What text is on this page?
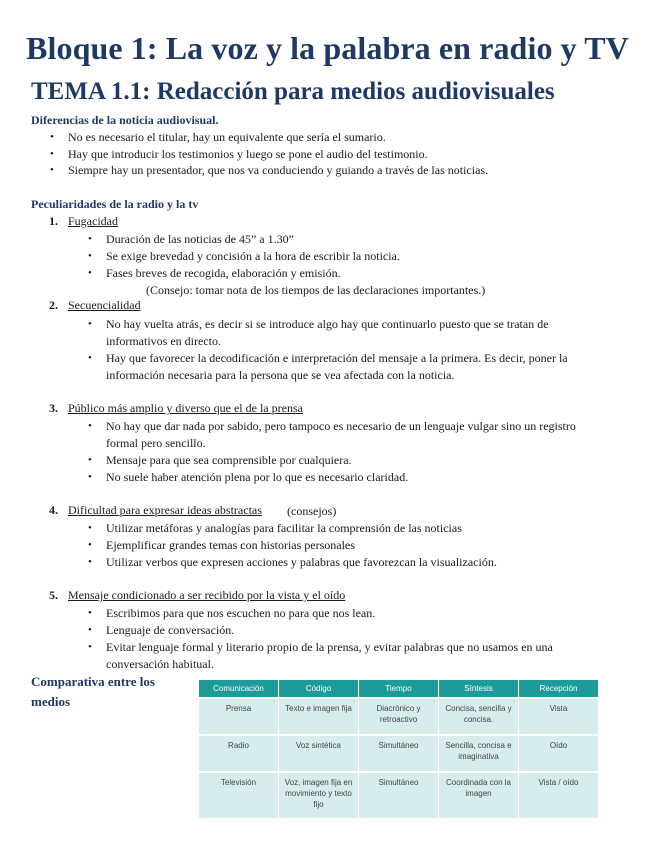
Bloque 1: La voz y la palabra en radio y TV
TEMA 1.1: Redacción para medios audiovisuales
Diferencias de la noticia audiovisual.
• No es necesario el titular, hay un equivalente que sería el sumario.
• Hay que introducir los testimonios y luego se pone el audio del testimonio.
• Siempre hay un presentador, que nos va conduciendo y guiando a través de las noticias.
Peculiaridades de la radio y la tv
1. Fugacidad
• Duración de las noticias de 45” a 1.30”
• Se exige brevedad y concisión a la hora de escribir la noticia.
• Fases breves de recogida, elaboración y emisión.
(Consejo: tomar nota de los tiempos de las declaraciones importantes.)
2. Secuencialidad
• No hay vuelta atrás, es decir si se introduce algo hay que continuarlo puesto que se tratan de
informativos en directo.
• Hay que favorecer la decodificación e interpretación del mensaje a la primera. Es decir, poner la
información necesaria para la persona que se vea afectada con la noticia.
3. Público más amplio y diverso que el de la prensa
• No hay que dar nada por sabido, pero tampoco es necesario de un lenguaje vulgar sino un registro
formal pero sencillo.
• Mensaje para que sea comprensible por cualquiera.
• No suele haber atención plena por lo que es necesario claridad.
4. Dificultad para expresar ideas abstractas (consejos)
• Utilizar metáforas y analogías para facilitar la comprensión de las noticias
• Ejemplificar grandes temas con historias personales
• Utilizar verbos que expresen acciones y palabras que favorezcan la visualización.
5. Mensaje condicionado a ser recibido por la vista y el oído
• Escribimos para que nos escuchen no para que nos lean.
• Lenguaje de conversación.
• Evitar lenguaje formal y literario propio de la prensa, y evitar palabras que no usamos en una
conversación habitual.
Comparativa entre los
medios
Comunicación	Código	Tiempo	Síntesis	Recepción
Prensa	Texto e imagen fija	Diacrónico y retroactivo	Concisa, sencilla y concisa.	Vista
Radio	Voz sintética	Simultáneo	Sencilla, concisa e imaginativa	Oído
Televisión	Voz, imagen fija en movimiento y texto fijo	Simultáneo	Coordinada con la imagen	Vista / oído
